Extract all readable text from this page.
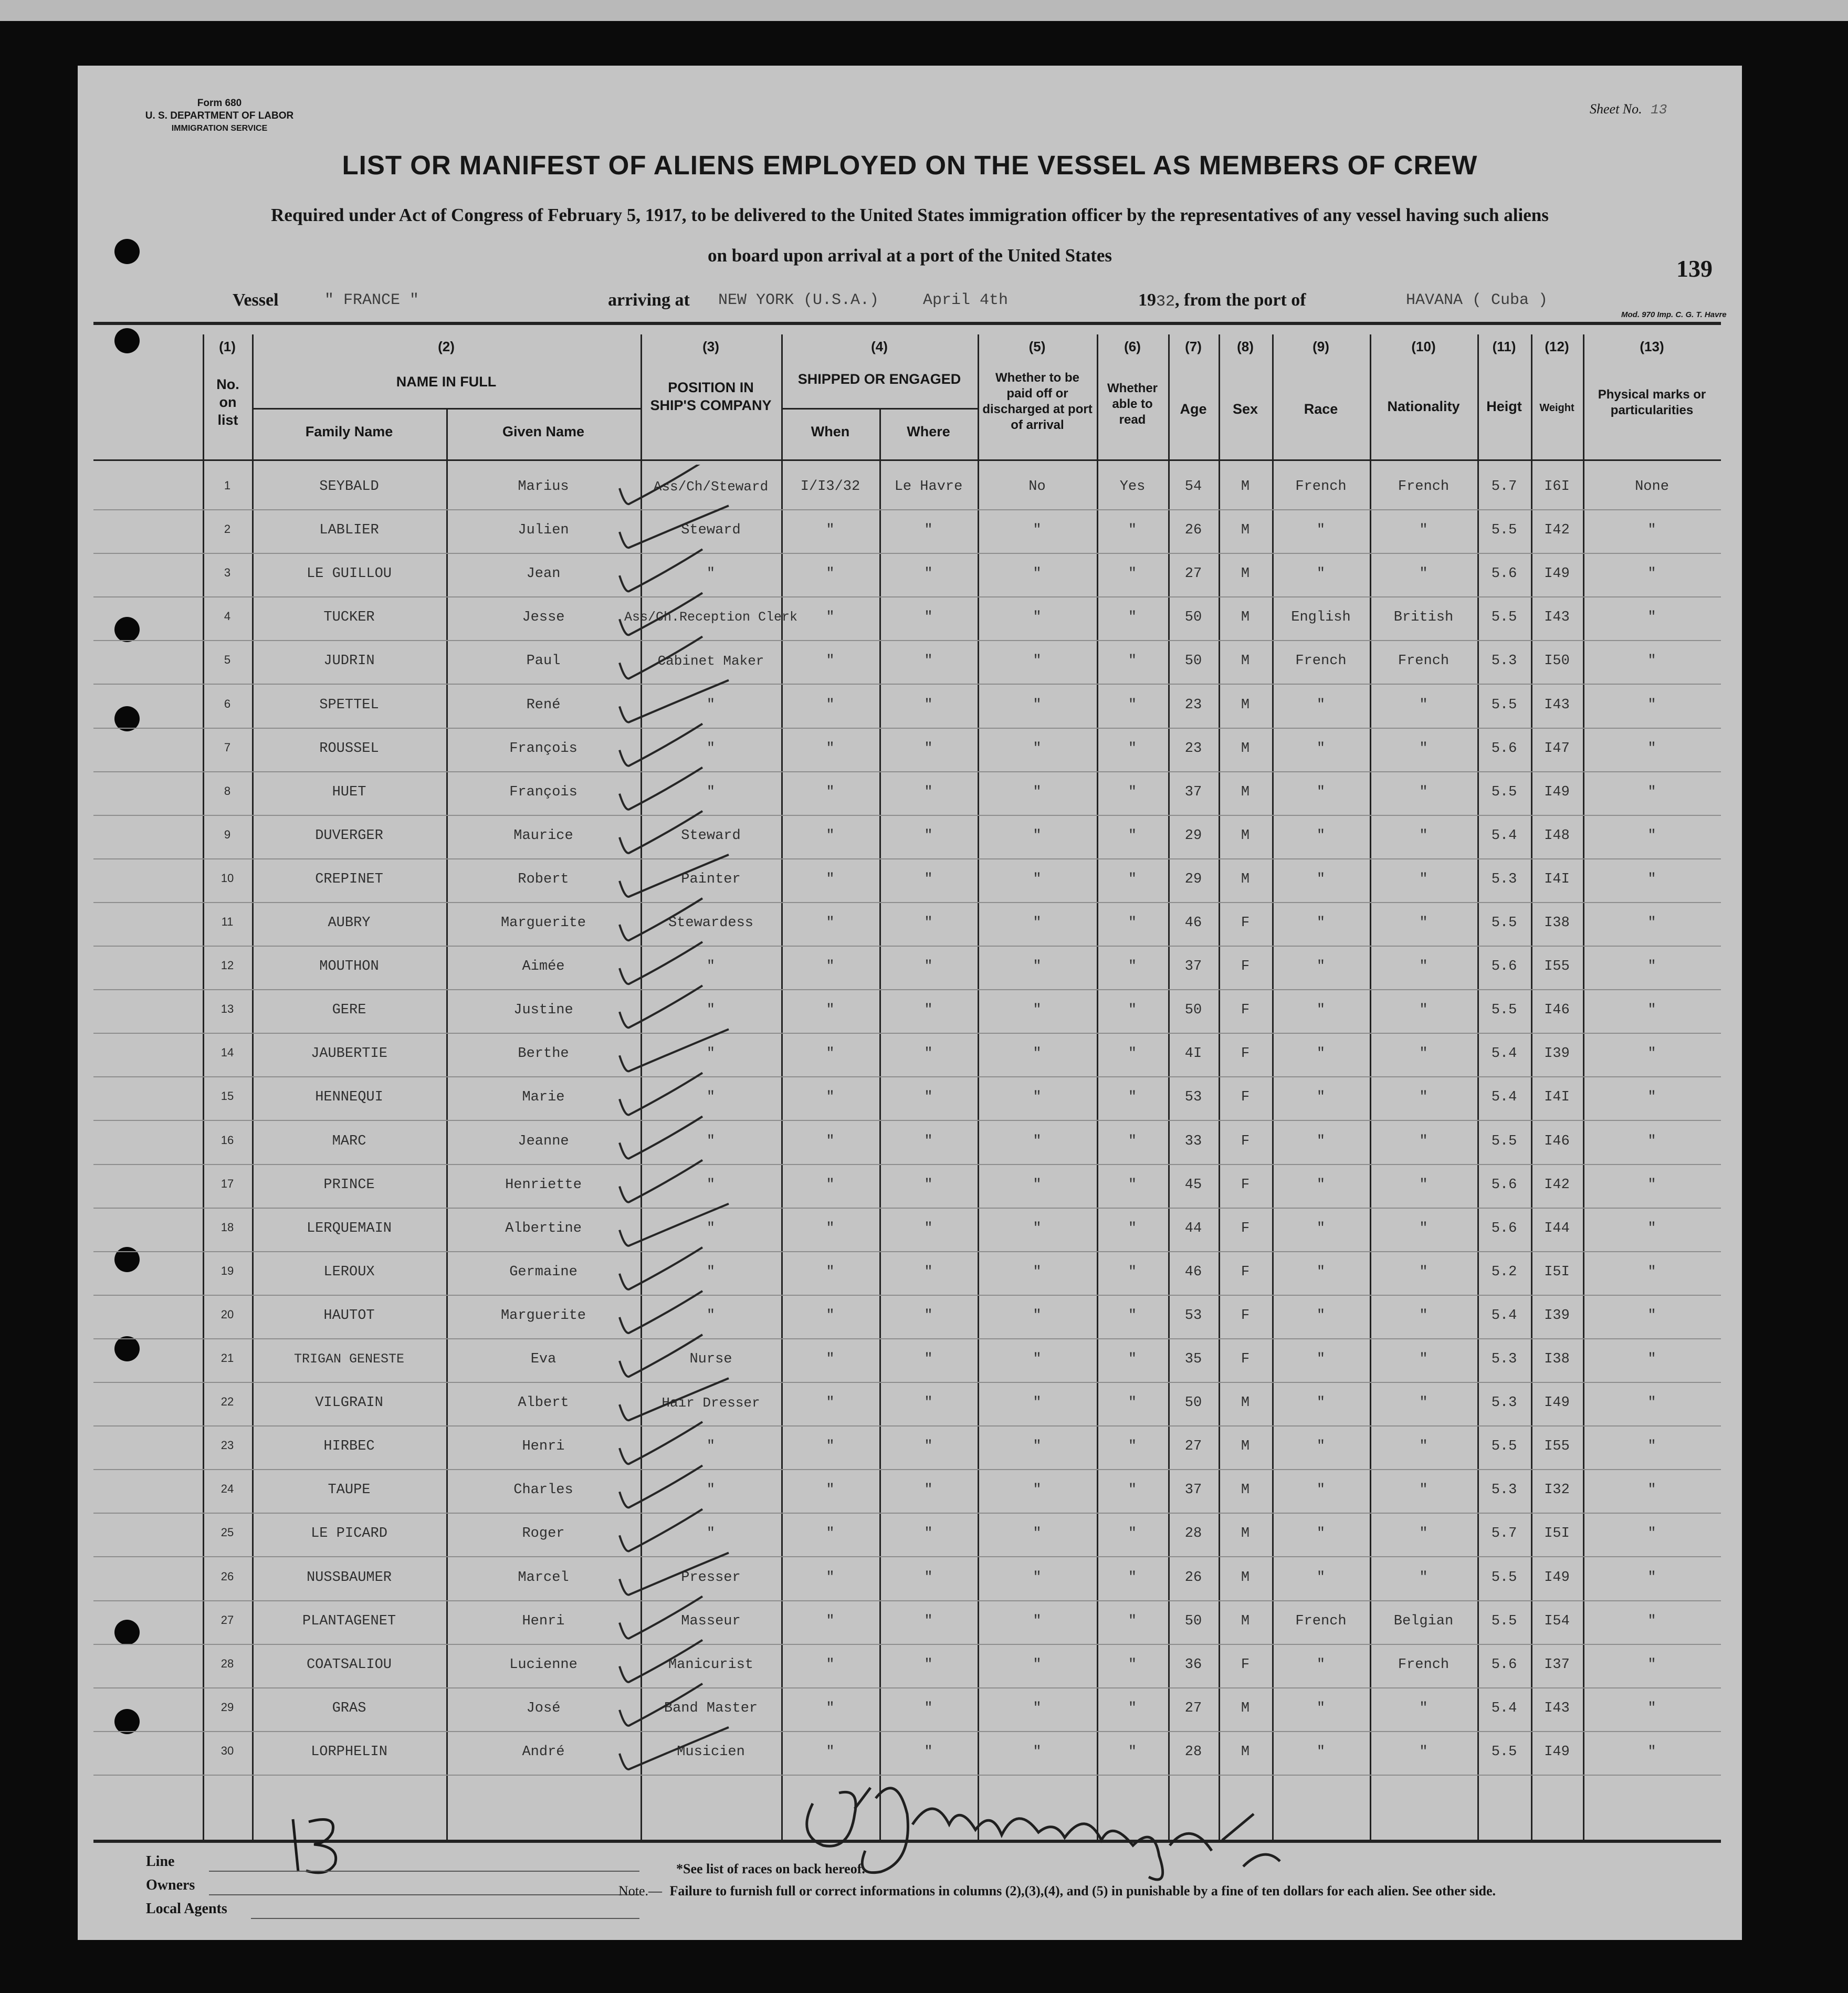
Form 680
U. S. DEPARTMENT OF LABOR
IMMIGRATION SERVICE
Sheet No. 13
LIST OR MANIFEST OF ALIENS EMPLOYED ON THE VESSEL AS MEMBERS OF CREW
Required under Act of Congress of February 5, 1917, to be delivered to the United States immigration officer by the representatives of any vessel having such aliens
on board upon arrival at a port of the United States	139
Vessel	" FRANCE "	arriving at NEW YORK (U.S.A.)	April 4th	1932, from the port of	HAVANA ( Cuba )
Mod. 970 Imp. C. G. T. Havre
(1)	(2)	(3)	(4)	(5)	(6)	(7)	(8)	(9)	(10)	(11)	(12)	(13)
No. on list
NAME IN FULL
Family Name	Given Name
POSITION IN SHIP'S COMPANY
SHIPPED OR ENGAGED
When	Where
Whether to be paid off or discharged at port of arrival
Whether able to read
Age	Sex	Race	Nationality	Heigt	Weight
Physical marks or particularities
1	SEYBALD	Marius	Ass/Ch/Steward	I/I3/32	Le Havre	No	Yes	54	M	French	French	5.7	I6I	None
2	LABLIER	Julien	Steward	"	"	"	"	26	M	"	"	5.5	I42	"
3	LE GUILLOU	Jean	"	"	"	"	"	27	M	"	"	5.6	I49	"
4	TUCKER	Jesse	Ass/Ch.Reception Clerk	"	"	"	"	50	M	English	British	5.5	I43	"
5	JUDRIN	Paul	Cabinet Maker	"	"	"	"	50	M	French	French	5.3	I50	"
6	SPETTEL	René	"	"	"	"	"	23	M	"	"	5.5	I43	"
7	ROUSSEL	François	"	"	"	"	"	23	M	"	"	5.6	I47	"
8	HUET	François	"	"	"	"	"	37	M	"	"	5.5	I49	"
9	DUVERGER	Maurice	Steward	"	"	"	"	29	M	"	"	5.4	I48	"
10	CREPINET	Robert	Painter	"	"	"	"	29	M	"	"	5.3	I4I	"
11	AUBRY	Marguerite	Stewardess	"	"	"	"	46	F	"	"	5.5	I38	"
12	MOUTHON	Aimée	"	"	"	"	"	37	F	"	"	5.6	I55	"
13	GERE	Justine	"	"	"	"	"	50	F	"	"	5.5	I46	"
14	JAUBERTIE	Berthe	"	"	"	"	"	4I	F	"	"	5.4	I39	"
15	HENNEQUI	Marie	"	"	"	"	"	53	F	"	"	5.4	I4I	"
16	MARC	Jeanne	"	"	"	"	"	33	F	"	"	5.5	I46	"
17	PRINCE	Henriette	"	"	"	"	"	45	F	"	"	5.6	I42	"
18	LERQUEMAIN	Albertine	"	"	"	"	"	44	F	"	"	5.6	I44	"
19	LEROUX	Germaine	"	"	"	"	"	46	F	"	"	5.2	I5I	"
20	HAUTOT	Marguerite	"	"	"	"	"	53	F	"	"	5.4	I39	"
21	TRIGAN GENESTE	Eva	Nurse	"	"	"	"	35	F	"	"	5.3	I38	"
22	VILGRAIN	Albert	Hair Dresser	"	"	"	"	50	M	"	"	5.3	I49	"
23	HIRBEC	Henri	"	"	"	"	"	27	M	"	"	5.5	I55	"
24	TAUPE	Charles	"	"	"	"	"	37	M	"	"	5.3	I32	"
25	LE PICARD	Roger	"	"	"	"	"	28	M	"	"	5.7	I5I	"
26	NUSSBAUMER	Marcel	Presser	"	"	"	"	26	M	"	"	5.5	I49	"
27	PLANTAGENET	Henri	Masseur	"	"	"	"	50	M	French	Belgian	5.5	I54	"
28	COATSALIOU	Lucienne	Manicurist	"	"	"	"	36	F	"	French	5.6	I37	"
29	GRAS	José	Band Master	"	"	"	"	27	M	"	"	5.4	I43	"
30	LORPHELIN	André	Musicien	"	"	"	"	28	M	"	"	5.5	I49	"
Line
Owners
Local Agents
*See list of races on back hereof.
Note.— Failure to furnish full or correct informations in columns (2),(3),(4), and (5) in punishable by a fine of ten dollars for each alien. See other side.
